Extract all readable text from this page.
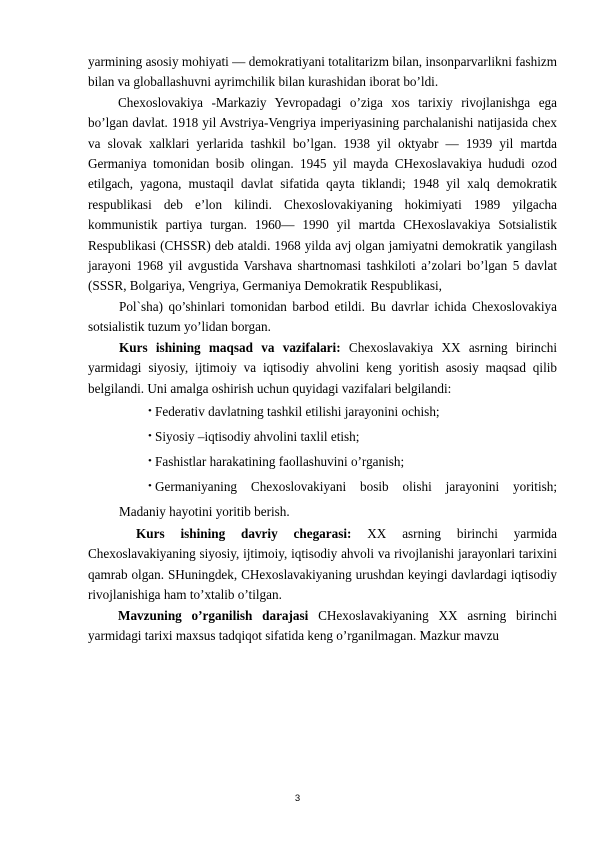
yarmining asosiy mohiyati — demokratiyani totalitarizm bilan, insonparvarlikni fashizm bilan va globallashuvni ayrimchilik bilan kurashidan iborat bo’ldi.

Chexoslovakiya -Markaziy Yevropadagi o’ziga xos tarixiy rivojlanishga ega bo’lgan davlat. 1918 yil Avstriya-Vengriya imperiyasining parchalanishi natijasida chex va slovak xalklari yerlarida tashkil bo’lgan. 1938 yil oktyabr — 1939 yil martda Germaniya tomonidan bosib olingan. 1945 yil mayda CHexoslavakiya hududi ozod etilgach, yagona, mustaqil davlat sifatida qayta tiklandi; 1948 yil xalq demokratik respublikasi deb e’lon kilindi. Chexoslovakiyaning hokimiyati 1989 yilgacha kommunistik partiya turgan. 1960— 1990 yil martda CHexoslavakiya Sotsialistik Respublikasi (CHSSR) deb ataldi. 1968 yilda avj olgan jamiyatni demokratik yangilash jarayoni 1968 yil avgustida Varshava shartnomasi tashkiloti a’zolari bo’lgan 5 davlat (SSSR, Bolgariya, Vengriya, Germaniya Demokratik Respublikasi,

Pol`sha) qo’shinlari tomonidan barbod etildi. Bu davrlar ichida Chexoslovakiya sotsialistik tuzum yo’lidan borgan.

Kurs ishining maqsad va vazifalari: Chexoslavakiya XX asrning birinchi yarmidagi siyosiy, ijtimoiy va iqtisodiy ahvolini keng yoritish asosiy maqsad qilib belgilandi. Uni amalga oshirish uchun quyidagi vazifalari belgilandi:

• Federativ davlatning tashkil etilishi jarayonini ochish;

• Siyosiy –iqtisodiy ahvolini taxlil etish;

• Fashistlar harakatining faollashuvini o’rganish;

• Germaniyaning Chexoslovakiyani bosib olishi jarayonini yoritish;

Madaniy hayotini yoritib berish.

Kurs ishining davriy chegarasi: XX asrning birinchi yarmida Chexoslavakiyaning siyosiy, ijtimoiy, iqtisodiy ahvoli va rivojlanishi jarayonlari tarixini qamrab olgan. SHuningdek, CHexoslavakiyaning urushdan keyingi davlardagi iqtisodiy rivojlanishiga ham to’xtalib o’tilgan.

Mavzuning o’rganilish darajasi CHexoslavakiyaning XX asrning birinchi yarmidagi tarixi maxsus tadqiqot sifatida keng o’rganilmagan. Mazkur mavzu

3
